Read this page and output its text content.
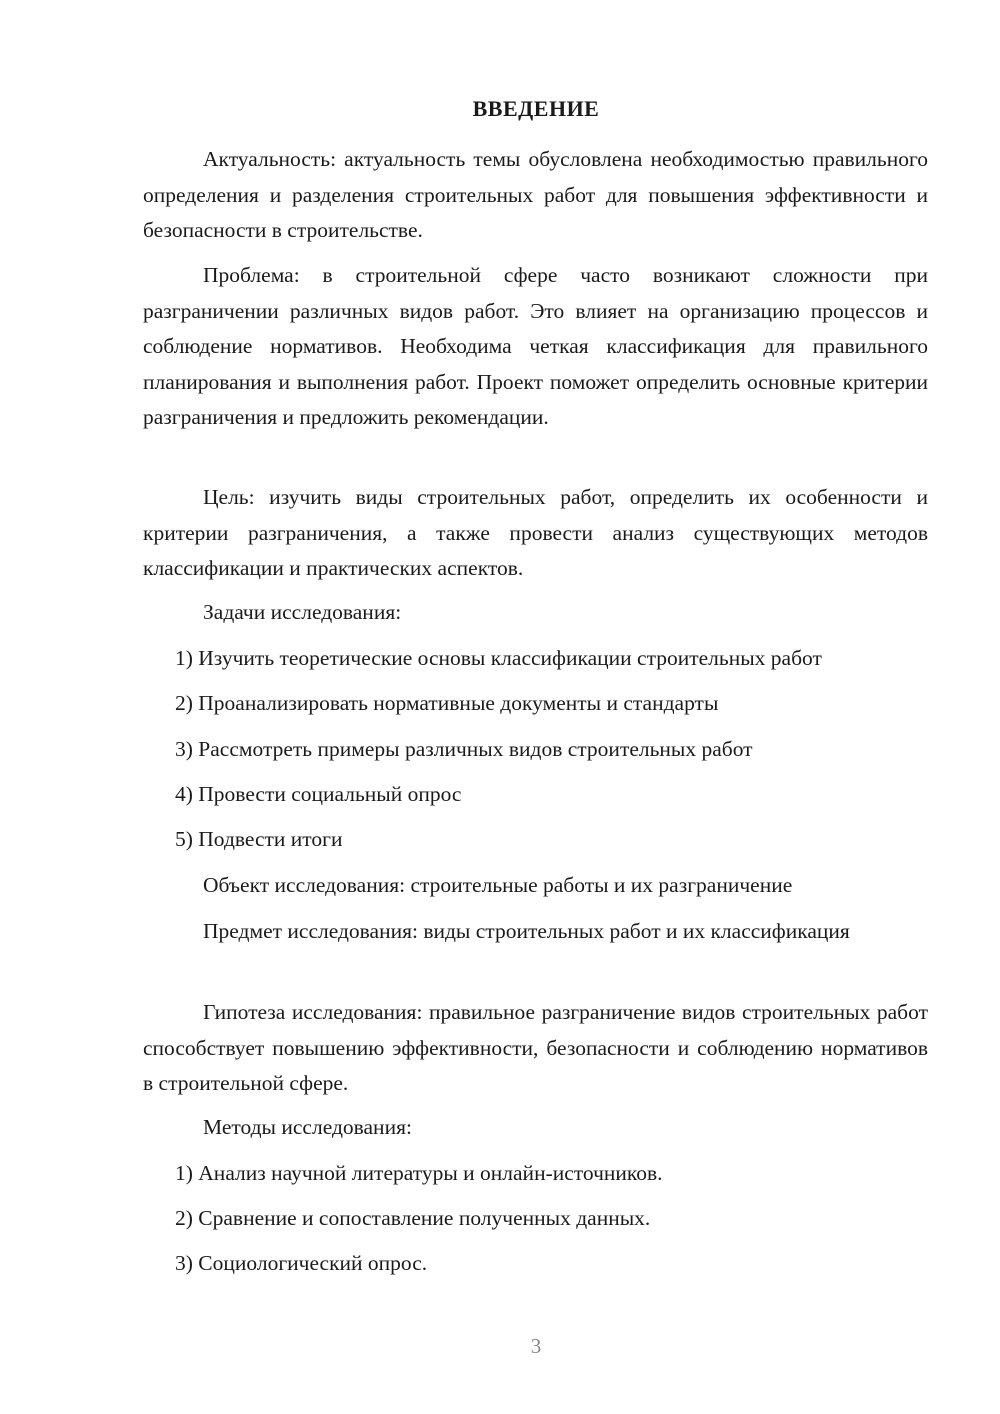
ВВЕДЕНИЕ

Актуальность: актуальность темы обусловлена необходимостью правильного определения и разделения строительных работ для повышения эффективности и безопасности в строительстве.

Проблема: в строительной сфере часто возникают сложности при разграничении различных видов работ. Это влияет на организацию процессов и соблюдение нормативов. Необходима четкая классификация для правильного планирования и выполнения работ. Проект поможет определить основные критерии разграничения и предложить рекомендации.

Цель: изучить виды строительных работ, определить их особенности и критерии разграничения, а также провести анализ существующих методов классификации и практических аспектов.

Задачи исследования:

1) Изучить теоретические основы классификации строительных работ

2) Проанализировать нормативные документы и стандарты

3) Рассмотреть примеры различных видов строительных работ

4) Провести социальный опрос

5) Подвести итоги

Объект исследования: строительные работы и их разграничение

Предмет исследования: виды строительных работ и их классификация

Гипотеза исследования: правильное разграничение видов строительных работ способствует повышению эффективности, безопасности и соблюдению нормативов в строительной сфере.

Методы исследования:

1) Анализ научной литературы и онлайн-источников.

2) Сравнение и сопоставление полученных данных.

3) Социологический опрос.

3
